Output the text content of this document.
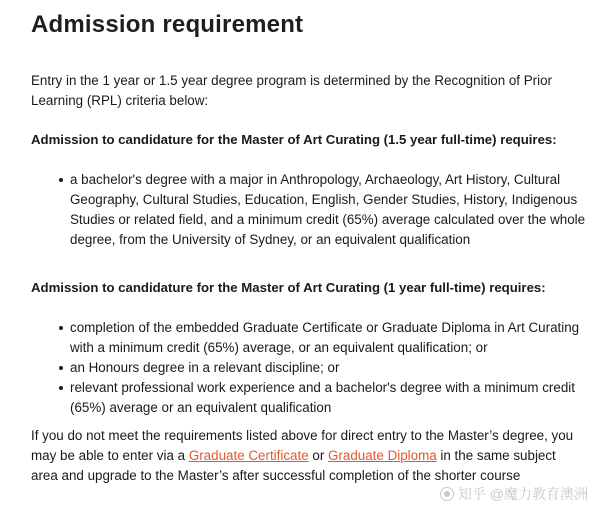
Admission requirement
Entry in the 1 year or 1.5 year degree program is determined by the Recognition of Prior Learning (RPL) criteria below:
Admission to candidature for the Master of Art Curating (1.5 year full-time) requires:
a bachelor's degree with a major in Anthropology, Archaeology, Art History, Cultural Geography, Cultural Studies, Education, English, Gender Studies, History, Indigenous Studies or related field, and a minimum credit (65%) average calculated over the whole degree, from the University of Sydney, or an equivalent qualification
Admission to candidature for the Master of Art Curating (1 year full-time) requires:
completion of the embedded Graduate Certificate or Graduate Diploma in Art Curating with a minimum credit (65%) average, or an equivalent qualification; or
an Honours degree in a relevant discipline; or
relevant professional work experience and a bachelor's degree with a minimum credit (65%) average or an equivalent qualification
If you do not meet the requirements listed above for direct entry to the Master’s degree, you may be able to enter via a Graduate Certificate or Graduate Diploma in the same subject area and upgrade to the Master’s after successful completion of the shorter course
知乎 @魔力教育澳洲
